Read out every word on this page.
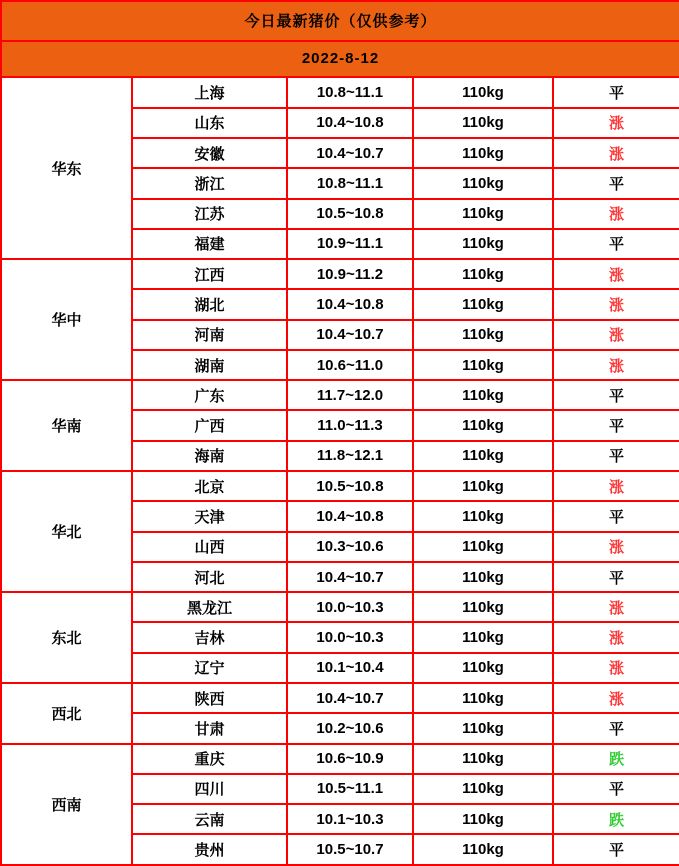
今日最新猪价（仅供参考）				
2022-8-12				
华东	上海	10.8~11.1	110kg	平
	山东	10.4~10.8	110kg	涨
	安徽	10.4~10.7	110kg	涨
	浙江	10.8~11.1	110kg	平
	江苏	10.5~10.8	110kg	涨
	福建	10.9~11.1	110kg	平
华中	江西	10.9~11.2	110kg	涨
	湖北	10.4~10.8	110kg	涨
	河南	10.4~10.7	110kg	涨
	湖南	10.6~11.0	110kg	涨
华南	广东	11.7~12.0	110kg	平
	广西	11.0~11.3	110kg	平
	海南	11.8~12.1	110kg	平
华北	北京	10.5~10.8	110kg	涨
	天津	10.4~10.8	110kg	平
	山西	10.3~10.6	110kg	涨
	河北	10.4~10.7	110kg	平
东北	黑龙江	10.0~10.3	110kg	涨
	吉林	10.0~10.3	110kg	涨
	辽宁	10.1~10.4	110kg	涨
西北	陕西	10.4~10.7	110kg	涨
	甘肃	10.2~10.6	110kg	平
西南	重庆	10.6~10.9	110kg	跌
	四川	10.5~11.1	110kg	平
	云南	10.1~10.3	110kg	跌
	贵州	10.5~10.7	110kg	平
